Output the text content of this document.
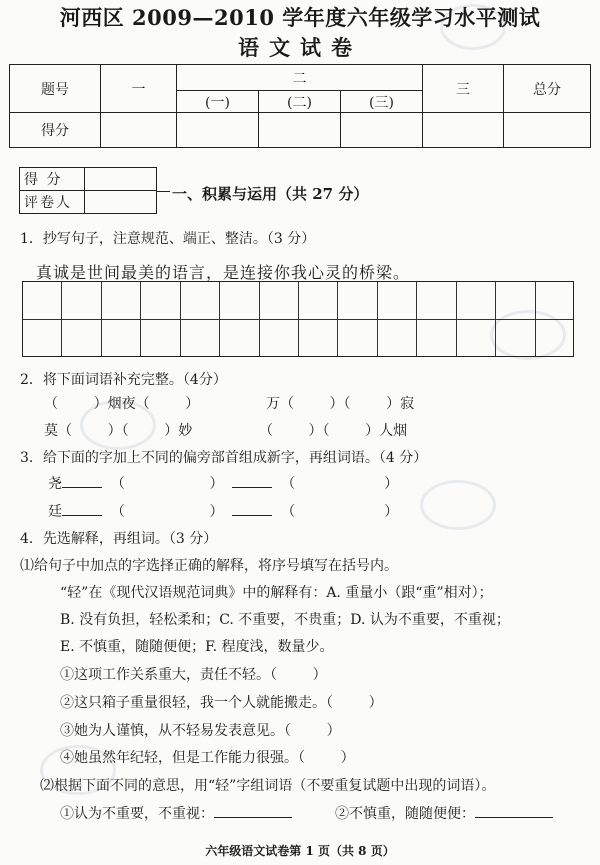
河西区 2009—2010 学年度六年级学习水平测试
语文试卷
题号	一	二			三	总分
		(一)	(二)	(三)		
得分						
得 分	
评卷人		一、积累与运用（共 27 分）
1．抄写句子，注意规范、端正、整洁。（3 分）
真诚是世间最美的语言，是连接你我心灵的桥梁。
2．将下面词语补充完整。（4分）
（        ）烟夜（        ）               万（        ）（        ）寂
莫（        ）（        ）妙               （        ）（        ）人烟
3．给下面的字加上不同的偏旁部首组成新字，再组词语。（4 分）
尧	（                   ）	（                    ）
廷	（                   ）	（                    ）
4．先选解释，再组词。（3 分）
⑴给句子中加点的字选择正确的解释，将序号填写在括号内。
“轻”在《现代汉语规范词典》中的解释有：A. 重量小（跟“重”相对）；
B. 没有负担，轻松柔和；C. 不重要，不贵重；D. 认为不重要，不重视；
E. 不慎重，随随便便；F. 程度浅，数量少。
①这项工作关系重大，责任不轻。（        ）
②这只箱子重量很轻，我一个人就能搬走。（        ）
③她为人谨慎，从不轻易发表意见。（        ）
④她虽然年纪轻，但是工作能力很强。（        ）
⑵根据下面不同的意思，用“轻”字组词语（不要重复试题中出现的词语）。
①认为不重要，不重视：	②不慎重，随随便便：
六年级语文试卷第 1 页（共 8 页）
